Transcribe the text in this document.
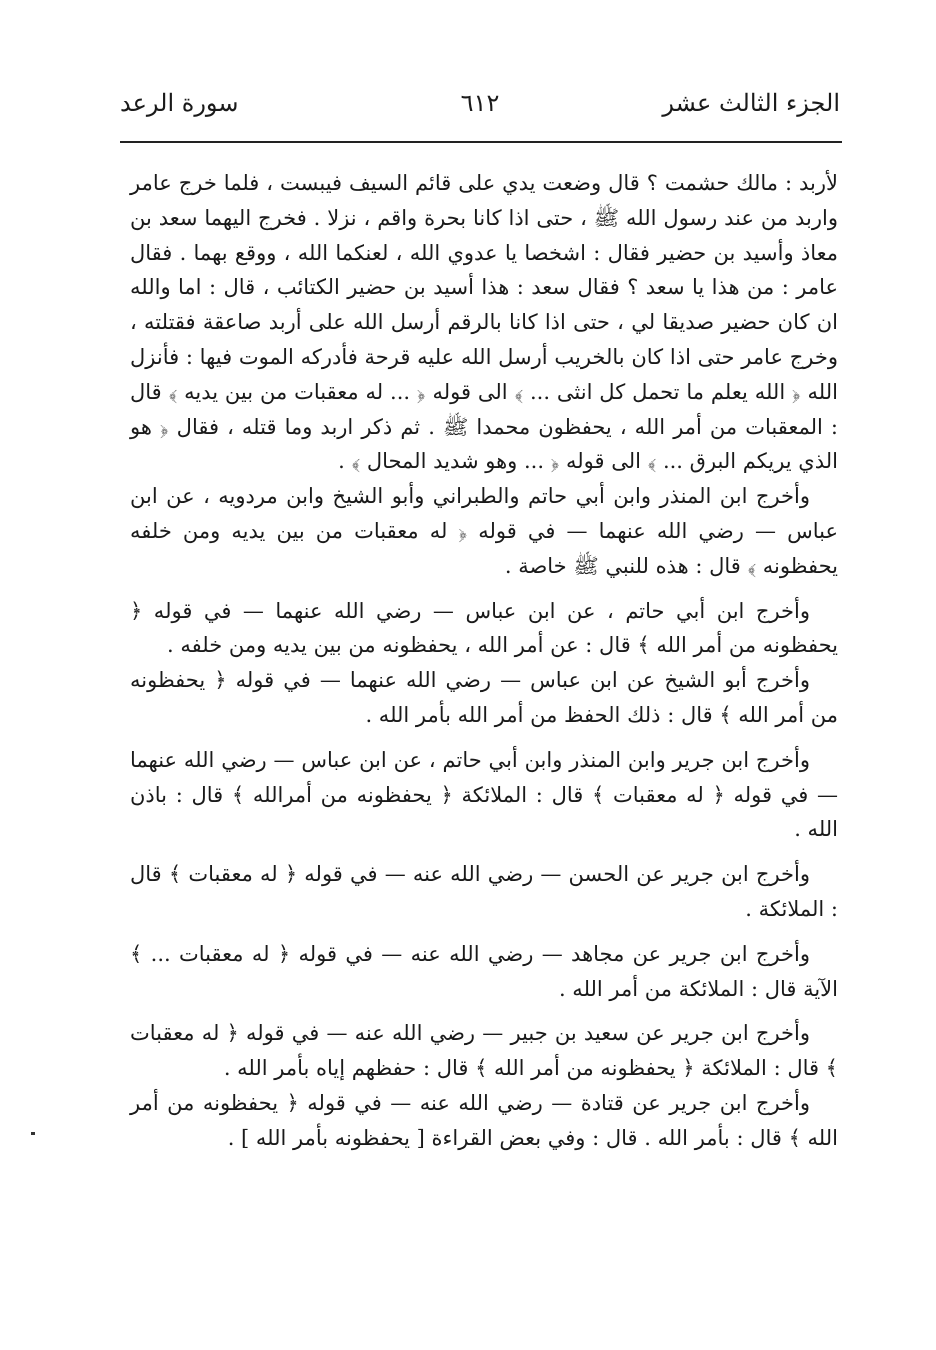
الجزء الثالث عشر
٦١٢
سورة الرعد

لأربد : مالك حشمت ؟ قال وضعت يدي على قائم السيف فيبست ، فلما خرج عامر واربد من عند رسول الله ﷺ ، حتى اذا كانا بحرة واقم ، نزلا . فخرج اليهما سعد بن معاذ وأسيد بن حضير فقال : اشخصا يا عدوي الله ، لعنكما الله ، ووقع بهما . فقال عامر : من هذا يا سعد ؟ فقال سعد : هذا أسيد بن حضير الكتائب ، قال : اما والله ان كان حضير صديقا لي ، حتى اذا كانا بالرقم أرسل الله على أربد صاعقة فقتلته ، وخرج عامر حتى اذا كان بالخريب أرسل الله عليه قرحة فأدركه الموت فيها : فأنزل الله ﴿ الله يعلم ما تحمل كل انثى ... ﴾ الى قوله ﴿ ... له معقبات من بين يديه ﴾ قال : المعقبات من أمر الله ، يحفظون محمدا ﷺ . ثم ذكر اربد وما قتله ، فقال ﴿ هو الذي يريكم البرق ... ﴾ الى قوله ﴿ ... وهو شديد المحال ﴾ .

وأخرج ابن المنذر وابن أبي حاتم والطبراني وأبو الشيخ وابن مردويه ، عن ابن عباس — رضي الله عنهما — في قوله ﴿ له معقبات من بين يديه ومن خلفه يحفظونه ﴾ قال : هذه للنبي ﷺ خاصة .

وأخرج ابن أبي حاتم ، عن ابن عباس — رضي الله عنهما — في قوله ﴿ يحفظونه من أمر الله ﴾ قال : عن أمر الله ، يحفظونه من بين يديه ومن خلفه .

وأخرج أبو الشيخ عن ابن عباس — رضي الله عنهما — في قوله ﴿ يحفظونه من أمر الله ﴾ قال : ذلك الحفظ من أمر الله بأمر الله .

وأخرج ابن جرير وابن المنذر وابن أبي حاتم ، عن ابن عباس — رضي الله عنهما — في قوله ﴿ له معقبات ﴾ قال : الملائكة ﴿ يحفظونه من أمرالله ﴾ قال : باذن الله .

وأخرج ابن جرير عن الحسن — رضي الله عنه — في قوله ﴿ له معقبات ﴾ قال : الملائكة .

وأخرج ابن جرير عن مجاهد — رضي الله عنه — في قوله ﴿ له معقبات ... ﴾ الآية قال : الملائكة من أمر الله .

وأخرج ابن جرير عن سعيد بن جبير — رضي الله عنه — في قوله ﴿ له معقبات ﴾ قال : الملائكة ﴿ يحفظونه من أمر الله ﴾ قال : حفظهم إياه بأمر الله .

وأخرج ابن جرير عن قتادة — رضي الله عنه — في قوله ﴿ يحفظونه من أمر الله ﴾ قال : بأمر الله . قال : وفي بعض القراءة [ يحفظونه بأمر الله ] .
